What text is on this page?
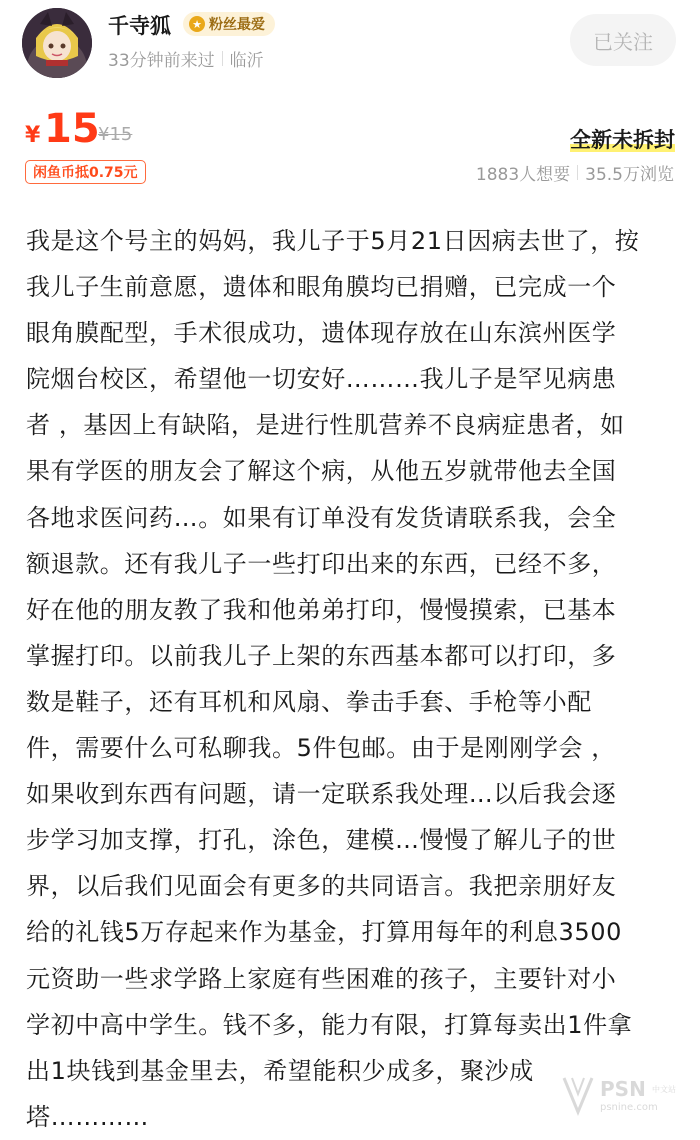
千寺狐 ★ 粉丝最爱
33分钟前来过 临沂
已关注
¥ 15
¥15	全新未拆封
闲鱼币抵0.75元	1883人想要 35.5万浏览
我是这个号主的妈妈，我儿子于5月21日因病去世了，按
我儿子生前意愿，遗体和眼角膜均已捐赠，已完成一个
眼角膜配型，手术很成功，遗体现存放在山东滨州医学
院烟台校区，希望他一切安好………我儿子是罕见病患
者 ，基因上有缺陷，是进行性肌营养不良病症患者，如
果有学医的朋友会了解这个病，从他五岁就带他去全国
各地求医问药…。如果有订单没有发货请联系我，会全
额退款。还有我儿子一些打印出来的东西，已经不多，
好在他的朋友教了我和他弟弟打印，慢慢摸索，已基本
掌握打印。以前我儿子上架的东西基本都可以打印，多
数是鞋子，还有耳机和风扇、拳击手套、手枪等小配
件，需要什么可私聊我。5件包邮。由于是刚刚学会 ，
如果收到东西有问题，请一定联系我处理…以后我会逐
步学习加支撑，打孔，涂色，建模…慢慢了解儿子的世
界，以后我们见面会有更多的共同语言。我把亲朋好友
给的礼钱5万存起来作为基金，打算用每年的利息3500
元资助一些求学路上家庭有些困难的孩子，主要针对小
学初中高中学生。钱不多，能力有限，打算每卖出1件拿
出1块钱到基金里去，希望能积少成多，聚沙成
塔…………
PSN 中文站
psnine.com
